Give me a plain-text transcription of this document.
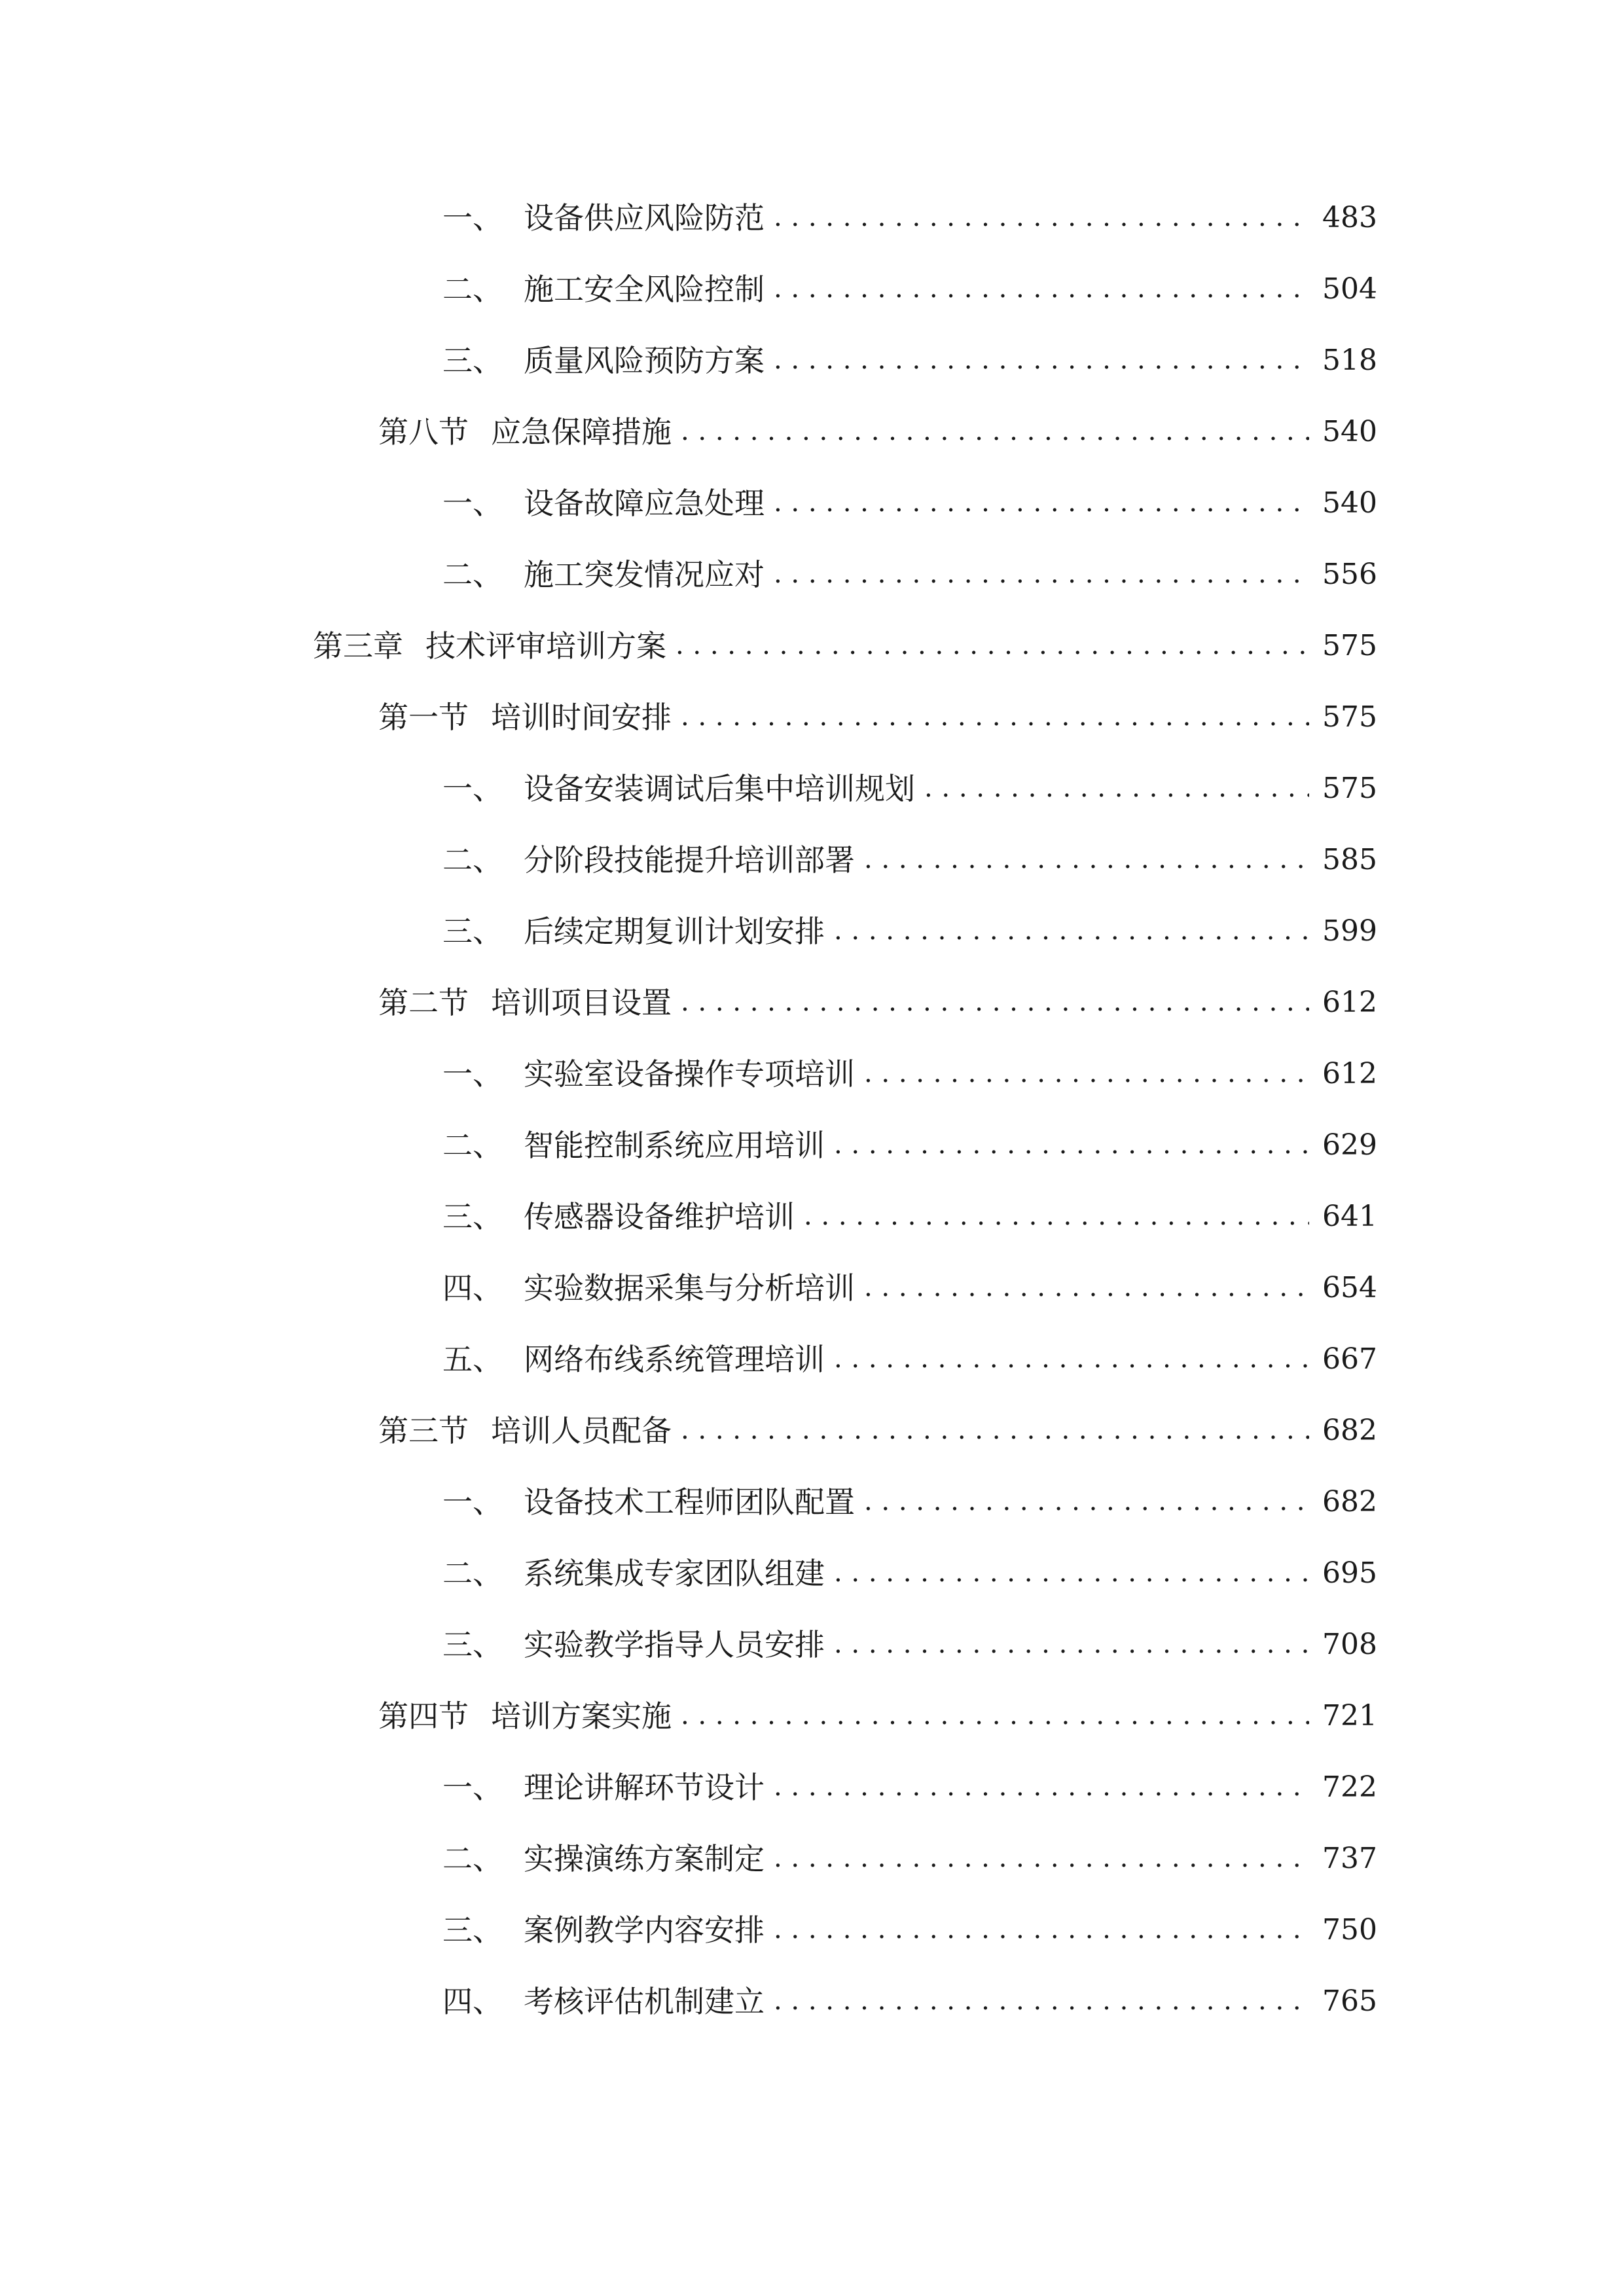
一、 设备供应风险防范 . . .	483
二、 施工安全风险控制 . . .	504
三、 质量风险预防方案 . . .	518
第八节 应急保障措施 . . .	540
一、 设备故障应急处理 . . .	540
二、 施工突发情况应对 . . .	556
第三章 技术评审培训方案 . . .	575
第一节 培训时间安排 . . .	575
一、 设备安装调试后集中培训规划 . . .	575
二、 分阶段技能提升培训部署 . . .	585
三、 后续定期复训计划安排 . . .	599
第二节 培训项目设置 . . .	612
一、 实验室设备操作专项培训 . . .	612
二、 智能控制系统应用培训 . . .	629
三、 传感器设备维护培训 . . .	641
四、 实验数据采集与分析培训 . . .	654
五、 网络布线系统管理培训 . . .	667
第三节 培训人员配备 . . .	682
一、 设备技术工程师团队配置 . . .	682
二、 系统集成专家团队组建 . . .	695
三、 实验教学指导人员安排 . . .	708
第四节 培训方案实施 . . .	721
一、 理论讲解环节设计 . . .	722
二、 实操演练方案制定 . . .	737
三、 案例教学内容安排 . . .	750
四、 考核评估机制建立 . . .	765
